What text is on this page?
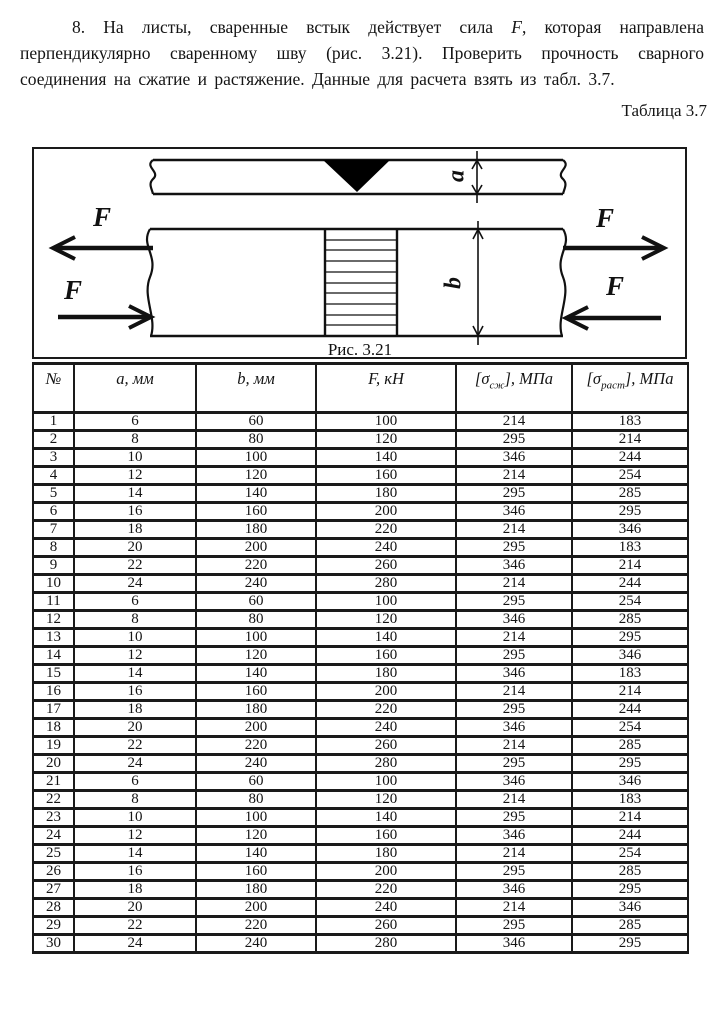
8. На листы, сваренные встык действует сила F, которая направлена перпендикулярно сваренному шву (рис. 3.21). Проверить прочность сварного соединения на сжатие и растяжение. Данные для расчета взять из табл. 3.7.

Таблица 3.7
a
b
F
F
F
F
Рис. 3.21
№	a, мм	b, мм	F, кН	$[\sigma_{сж}]$, МПа	$[\sigma_{раст}]$, МПа
1	6	60	100	214	183
2	8	80	120	295	214
3	10	100	140	346	244
4	12	120	160	214	254
5	14	140	180	295	285
6	16	160	200	346	295
7	18	180	220	214	346
8	20	200	240	295	183
9	22	220	260	346	214
10	24	240	280	214	244
11	6	60	100	295	254
12	8	80	120	346	285
13	10	100	140	214	295
14	12	120	160	295	346
15	14	140	180	346	183
16	16	160	200	214	214
17	18	180	220	295	244
18	20	200	240	346	254
19	22	220	260	214	285
20	24	240	280	295	295
21	6	60	100	346	346
22	8	80	120	214	183
23	10	100	140	295	214
24	12	120	160	346	244
25	14	140	180	214	254
26	16	160	200	295	285
27	18	180	220	346	295
28	20	200	240	214	346
29	22	220	260	295	285
30	24	240	280	346	295
